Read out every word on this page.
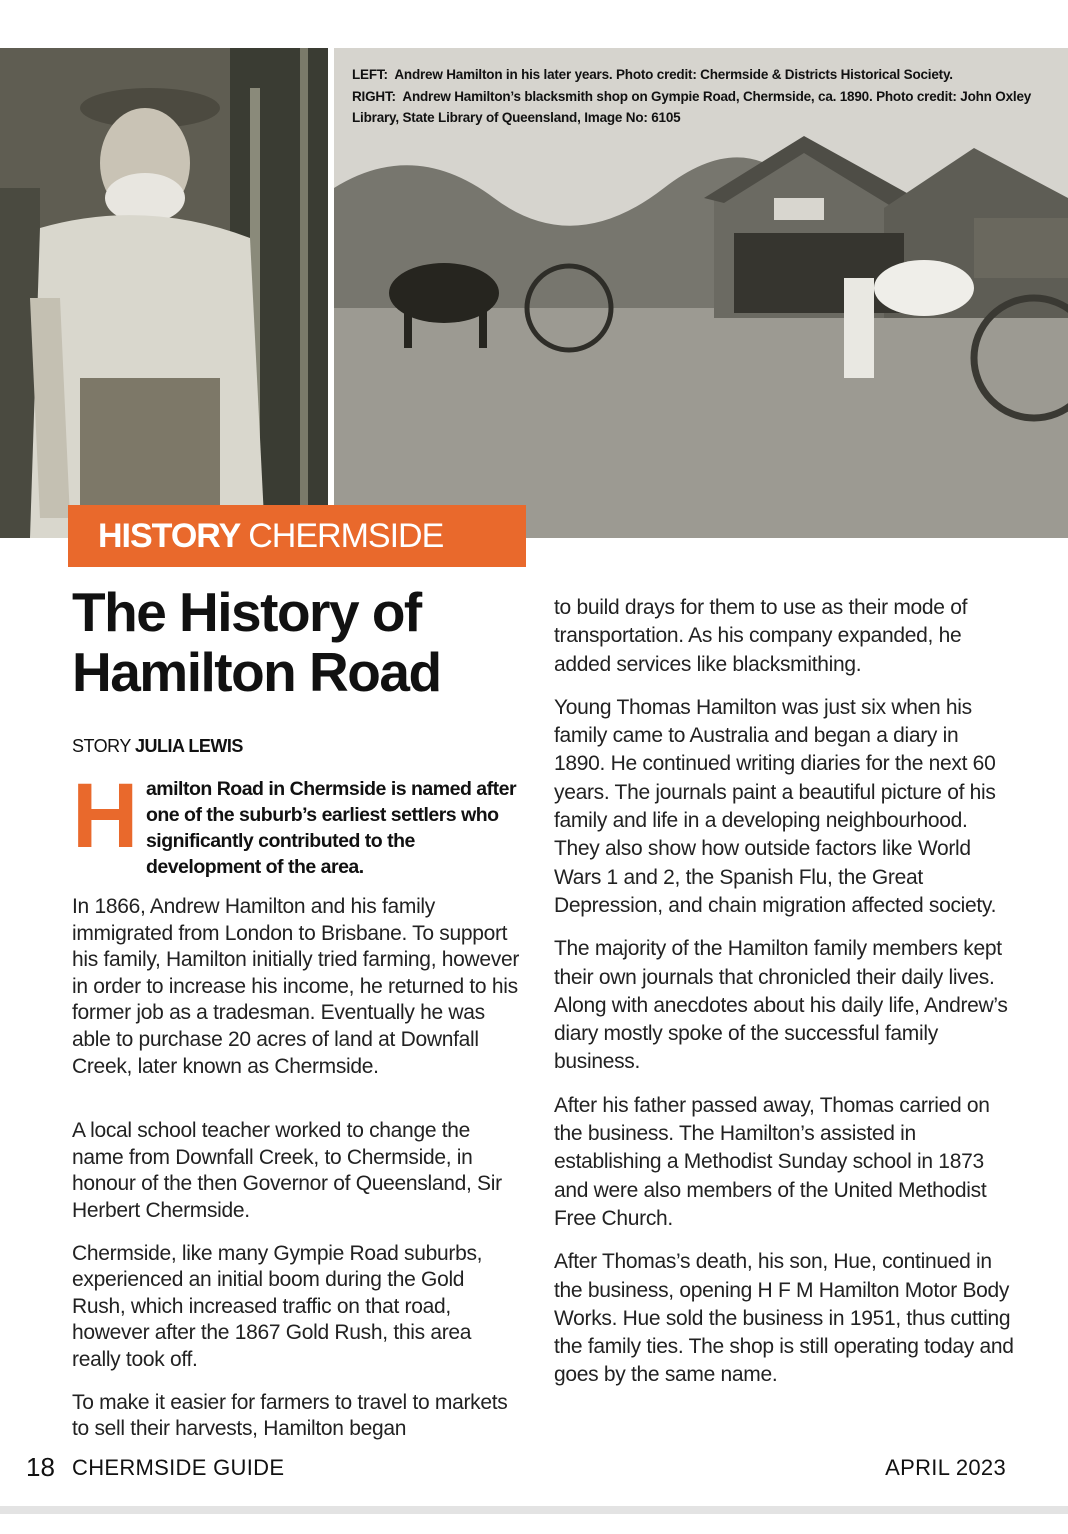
LEFT: Andrew Hamilton in his later years. Photo credit: Chermside & Districts Historical Society.
RIGHT: Andrew Hamilton’s blacksmith shop on Gympie Road, Chermside, ca. 1890. Photo credit: John Oxley Library, State Library of Queensland, Image No: 6105
HISTORY CHERMSIDE
The History of
Hamilton Road
STORY JULIA LEWIS
Hamilton Road in Chermside is named after one of the suburb’s earliest settlers who significantly contributed to the development of the area.

In 1866, Andrew Hamilton and his family immigrated from London to Brisbane. To support his family, Hamilton initially tried farming, however in order to increase his income, he returned to his former job as a tradesman. Eventually he was able to purchase 20 acres of land at Downfall Creek, later known as Chermside.

A local school teacher worked to change the name from Downfall Creek, to Chermside, in honour of the then Governor of Queensland, Sir Herbert Chermside.

Chermside, like many Gympie Road suburbs, experienced an initial boom during the Gold Rush, which increased traffic on that road, however after the 1867 Gold Rush, this area really took off.

To make it easier for farmers to travel to markets to sell their harvests, Hamilton began

to build drays for them to use as their mode of transportation. As his company expanded, he added services like blacksmithing.

Young Thomas Hamilton was just six when his family came to Australia and began a diary in 1890. He continued writing diaries for the next 60 years. The journals paint a beautiful picture of his family and life in a developing neighbourhood. They also show how outside factors like World Wars 1 and 2, the Spanish Flu, the Great Depression, and chain migration affected society.

The majority of the Hamilton family members kept their own journals that chronicled their daily lives. Along with anecdotes about his daily life, Andrew’s diary mostly spoke of the successful family business.

After his father passed away, Thomas carried on the business. The Hamilton’s assisted in establishing a Methodist Sunday school in 1873 and were also members of the United Methodist Free Church.

After Thomas’s death, his son, Hue, continued in the business, opening H F M Hamilton Motor Body Works. Hue sold the business in 1951, thus cutting the family ties. The shop is still operating today and goes by the same name.

18 CHERMSIDE GUIDE	APRIL 2023
